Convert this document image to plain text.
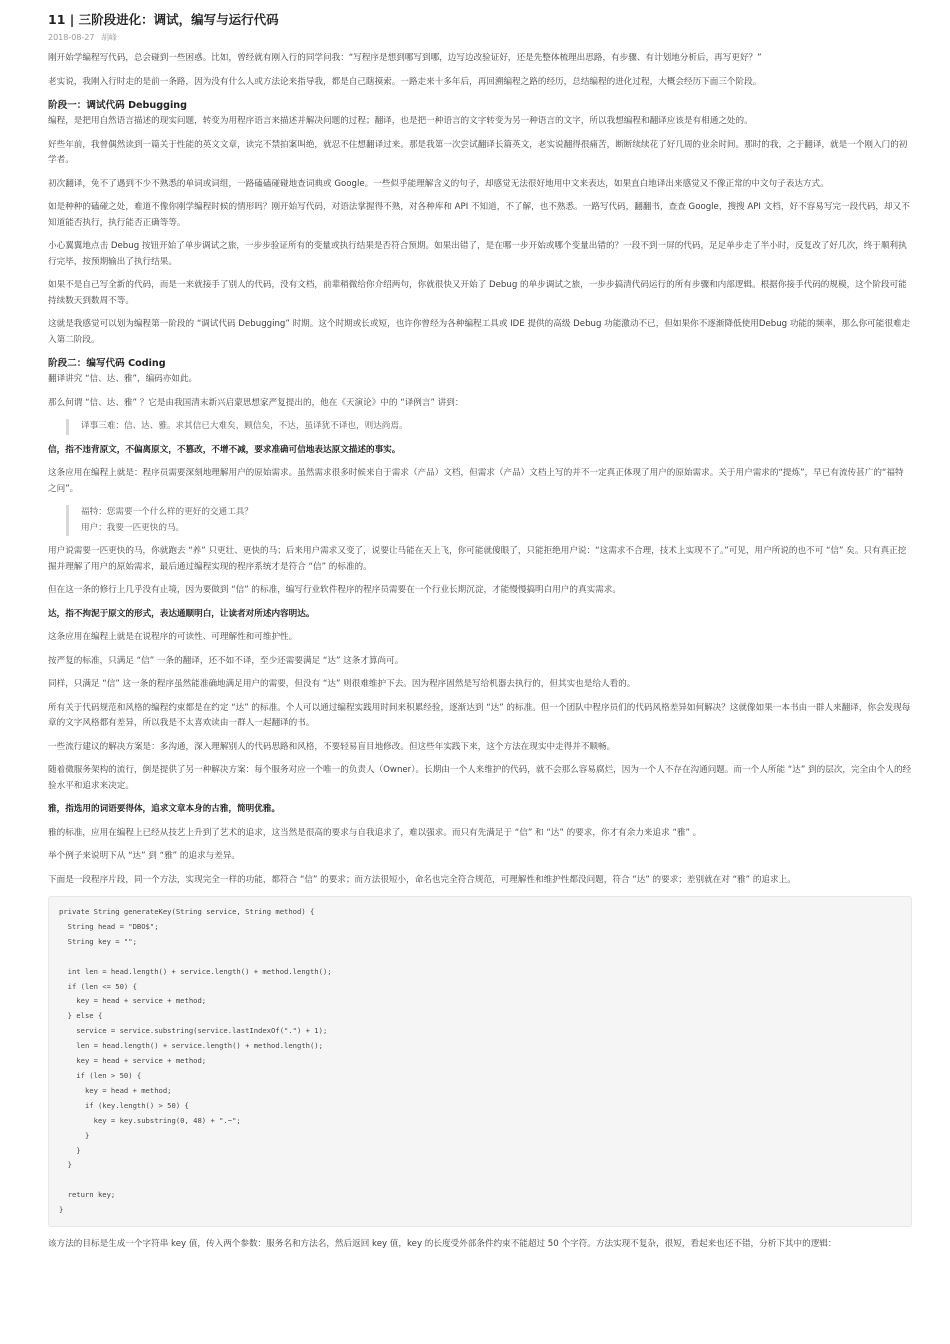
11 | 三阶段进化：调试，编写与运行代码
2018-08-27 胡峰

刚开始学编程写代码，总会碰到一些困惑。比如，曾经就有刚入行的同学问我：“写程序是想到哪写到哪，边写边改验证好，还是先整体梳理出思路，有步骤、有计划地分析后，再写更好？”

老实说，我刚入行时走的是前一条路，因为没有什么人或方法论来指导我，都是自己瞎摸索。一路走来十多年后，再回溯编程之路的经历，总结编程的进化过程，大概会经历下面三个阶段。

阶段一：调试代码 Debugging

编程，是把用自然语言描述的现实问题，转变为用程序语言来描述并解决问题的过程；翻译，也是把一种语言的文字转变为另一种语言的文字，所以我想编程和翻译应该是有相通之处的。

好些年前，我曾偶然读到一篇关于性能的英文文章，读完不禁拍案叫绝，就忍不住想翻译过来。那是我第一次尝试翻译长篇英文，老实说翻得很痛苦，断断续续花了好几周的业余时间。那时的我，之于翻译，就是一个刚入门的初学者。

初次翻译，免不了遇到不少不熟悉的单词或词组，一路磕磕碰碰地查词典或 Google。一些似乎能理解含义的句子，却感觉无法很好地用中文来表达，如果直白地译出来感觉又不像正常的中文句子表达方式。

如是种种的磕碰之处，难道不像你刚学编程时候的情形吗？刚开始写代码，对语法掌握得不熟，对各种库和 API 不知道，不了解，也不熟悉。一路写代码，翻翻书，查查 Google，搜搜 API 文档，好不容易写完一段代码，却又不知道能否执行，执行能否正确等等。

小心翼翼地点击 Debug 按钮开始了单步调试之旅，一步步验证所有的变量或执行结果是否符合预期。如果出错了，是在哪一步开始或哪个变量出错的？一段不到一屏的代码，足足单步走了半小时，反复改了好几次，终于顺利执行完毕，按预期输出了执行结果。

如果不是自己写全新的代码，而是一来就接手了别人的代码，没有文档，前辈稍微给你介绍两句，你就很快又开始了 Debug 的单步调试之旅，一步步搞清代码运行的所有步骤和内部逻辑。根据你接手代码的规模，这个阶段可能持续数天到数周不等。

这就是我感觉可以划为编程第一阶段的 “调试代码 Debugging” 时期。这个时期或长或短，也许你曾经为各种编程工具或 IDE 提供的高级 Debug 功能激动不已，但如果你不逐渐降低使用Debug 功能的频率，那么你可能很难走入第二阶段。

阶段二：编写代码 Coding

翻译讲究 “信、达、雅”，编码亦如此。

那么何谓 “信、达、雅” ？它是由我国清末新兴启蒙思想家严复提出的，他在《天演论》中的 “译例言” 讲到：

译事三难：信、达、雅。求其信已大难矣，顾信矣，不达，虽译犹不译也，则达尚焉。

信，指不违背原文，不偏离原文，不篡改，不增不减，要求准确可信地表达原文描述的事实。

这条应用在编程上就是：程序员需要深刻地理解用户的原始需求。虽然需求很多时候来自于需求（产品）文档，但需求（产品）文档上写的并不一定真正体现了用户的原始需求。关于用户需求的“提炼”，早已有流传甚广的“福特之问”。

福特：您需要一个什么样的更好的交通工具？

用户：我要一匹更快的马。

用户说需要一匹更快的马，你就跑去 “养” 只更壮、更快的马；后来用户需求又变了，说要让马能在天上飞，你可能就傻眼了，只能拒绝用户说：“这需求不合理，技术上实现不了。”可见，用户所说的也不可 “信” 矣。只有真正挖掘并理解了用户的原始需求，最后通过编程实现的程序系统才是符合 “信” 的标准的。

但在这一条的修行上几乎没有止境，因为要做到 “信” 的标准，编写行业软件程序的程序员需要在一个行业长期沉淀，才能慢慢搞明白用户的真实需求。

达，指不拘泥于原文的形式，表达通顺明白，让读者对所述内容明达。

这条应用在编程上就是在说程序的可读性、可理解性和可维护性。

按严复的标准，只满足 “信” 一条的翻译，还不如不译，至少还需要满足 “达” 这条才算尚可。

同样，只满足 “信” 这一条的程序虽然能准确地满足用户的需要，但没有 “达” 则很难维护下去。因为程序固然是写给机器去执行的，但其实也是给人看的。

所有关于代码规范和风格的编程约束都是在约定 “达” 的标准。个人可以通过编程实践用时间来积累经验，逐渐达到 “达” 的标准。但一个团队中程序员们的代码风格差异如何解决？这就像如果一本书由一群人来翻译，你会发现每章的文字风格都有差异，所以我是不太喜欢读由一群人一起翻译的书。

一些流行建议的解决方案是：多沟通，深入理解别人的代码思路和风格，不要轻易盲目地修改。但这些年实践下来，这个方法在现实中走得并不顺畅。

随着微服务架构的流行，倒是提供了另一种解决方案：每个服务对应一个唯一的负责人（Owner）。长期由一个人来维护的代码，就不会那么容易腐烂，因为一个人不存在沟通问题。而一个人所能 “达” 到的层次，完全由个人的经验水平和追求来决定。

雅，指选用的词语要得体，追求文章本身的古雅，简明优雅。

雅的标准，应用在编程上已经从技艺上升到了艺术的追求，这当然是很高的要求与自我追求了，难以强求。而只有先满足于 “信” 和 “达” 的要求，你才有余力来追求 “雅” 。

举个例子来说明下从 “达” 到 “雅” 的追求与差异。

下面是一段程序片段，同一个方法，实现完全一样的功能，都符合 “信” 的要求；而方法很短小，命名也完全符合规范，可理解性和维护性都没问题，符合 “达” 的要求；差别就在对 “雅” 的追求上。

private String generateKey(String service, String method) {
String head = "DBO$";
String key = "";

int len = head.length() + service.length() + method.length();
if (len <= 50) {
key = head + service + method;
} else {
service = service.substring(service.lastIndexOf(".") + 1);
len = head.length() + service.length() + method.length();
key = head + service + method;
if (len > 50) {
key = head + method;
if (key.length() > 50) {
key = key.substring(0, 48) + ".~";
}
}
}

return key;
}

该方法的目标是生成一个字符串 key 值，传入两个参数：服务名和方法名，然后返回 key 值，key 的长度受外部条件约束不能超过 50 个字符。方法实现不复杂，很短，看起来也还不错，分析下其中的逻辑：
